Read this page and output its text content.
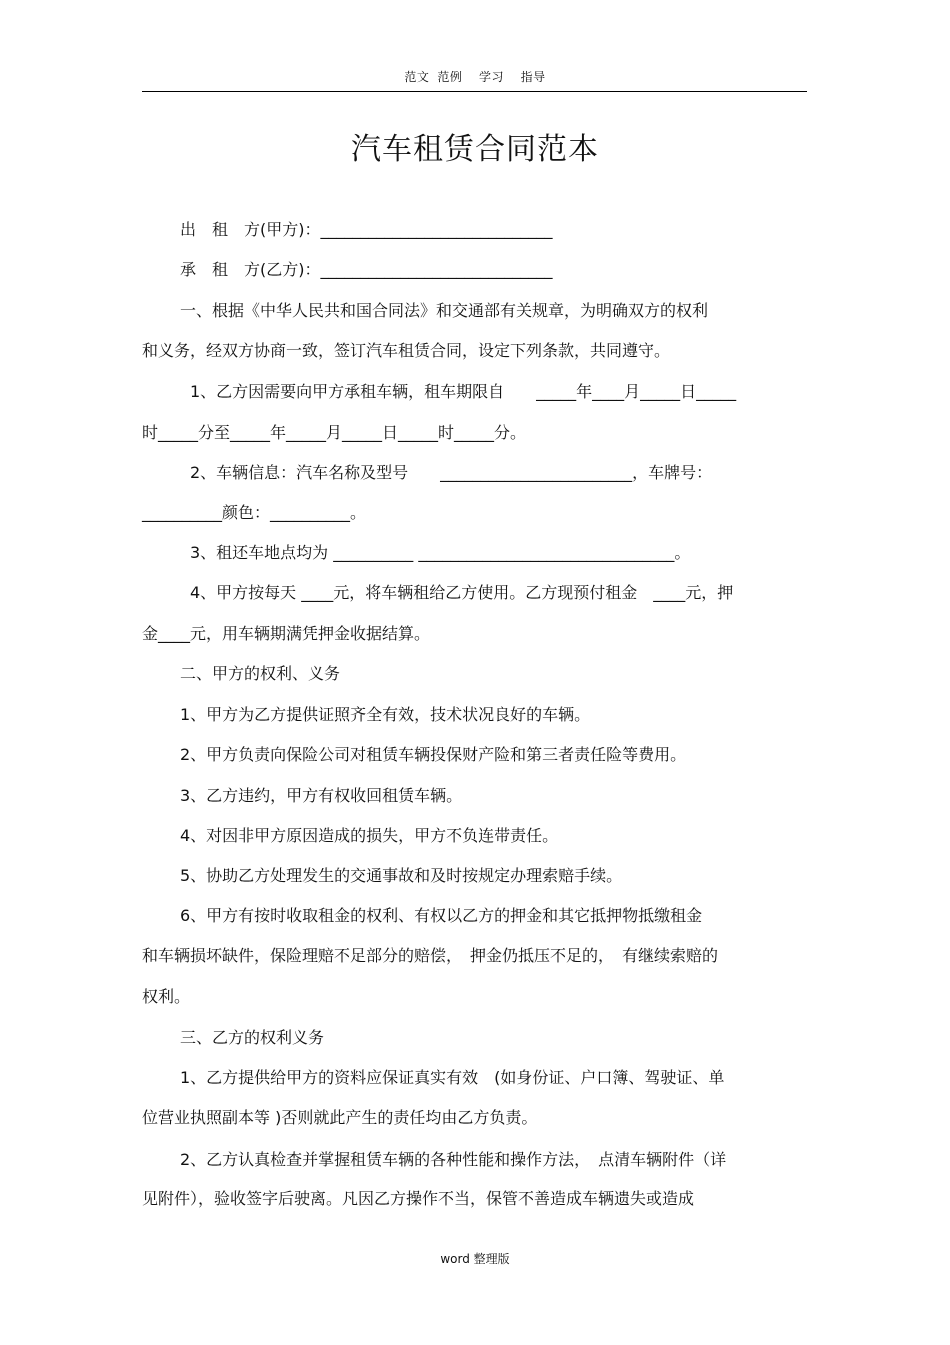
范文 范例 学习 指导
汽车租赁合同范本
出　租　方(甲方)：_____________________________
承　租　方(乙方)：_____________________________
一、根据《中华人民共和国合同法》和交通部有关规章，为明确双方的权利
和义务，经双方协商一致，签订汽车租赁合同，设定下列条款，共同遵守。
1、乙方因需要向甲方承租车辆，租车期限自　　_____年____月_____日_____
时_____分至_____年_____月_____日_____时_____分。
2、车辆信息：汽车名称及型号　　________________________，车牌号：
__________颜色：__________。
3、租还车地点均为 __________ ________________________________。
4、甲方按每天 ____元，将车辆租给乙方使用。乙方现预付租金　____元，押
金____元，用车辆期满凭押金收据结算。
二、甲方的权利、义务
1、甲方为乙方提供证照齐全有效，技术状况良好的车辆。
2、甲方负责向保险公司对租赁车辆投保财产险和第三者责任险等费用。
3、乙方违约，甲方有权收回租赁车辆。
4、对因非甲方原因造成的损失，甲方不负连带责任。
5、协助乙方处理发生的交通事故和及时按规定办理索赔手续。
6、甲方有按时收取租金的权利、有权以乙方的押金和其它抵押物抵缴租金
和车辆损坏缺件，保险理赔不足部分的赔偿，　押金仍抵压不足的，　有继续索赔的
权利。
三、乙方的权利义务
1、乙方提供给甲方的资料应保证真实有效　(如身份证、户口簿、驾驶证、单
位营业执照副本等 )否则就此产生的责任均由乙方负责。
2、乙方认真检查并掌握租赁车辆的各种性能和操作方法，　点清车辆附件（详
见附件），验收签字后驶离。凡因乙方操作不当，保管不善造成车辆遗失或造成
word 整理版
